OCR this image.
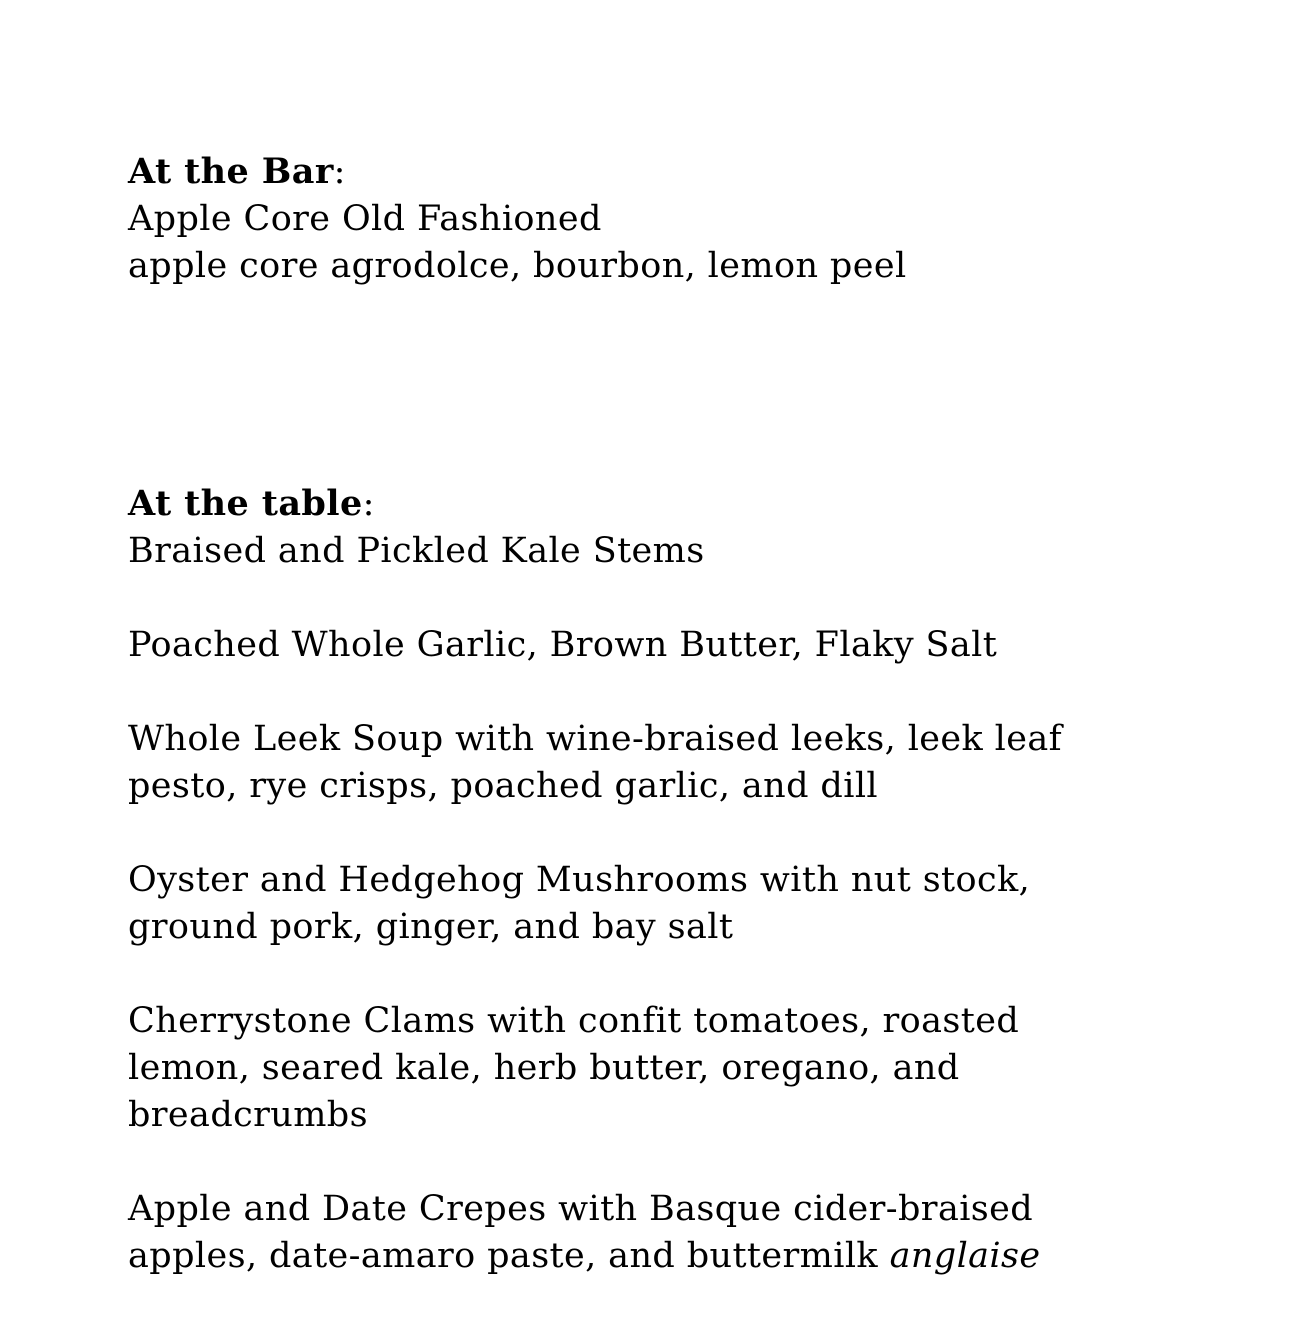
At the Bar:
Apple Core Old Fashioned
apple core agrodolce, bourbon, lemon peel
At the table:
Braised and Pickled Kale Stems
Poached Whole Garlic, Brown Butter, Flaky Salt
Whole Leek Soup with wine-braised leeks, leek leaf
pesto, rye crisps, poached garlic, and dill
Oyster and Hedgehog Mushrooms with nut stock,
ground pork, ginger, and bay salt
Cherrystone Clams with confit tomatoes, roasted
lemon, seared kale, herb butter, oregano, and
breadcrumbs
Apple and Date Crepes with Basque cider-braised
apples, date-amaro paste, and buttermilk anglaise
